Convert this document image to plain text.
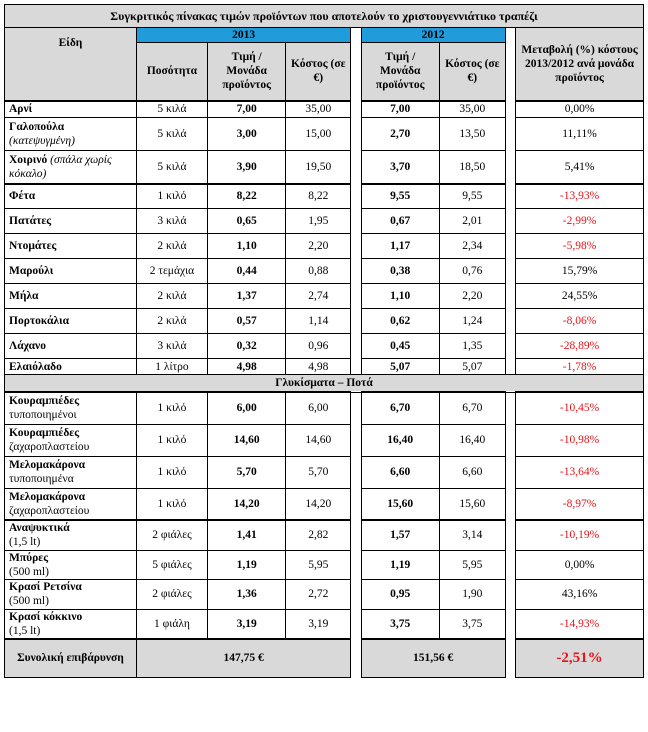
Συγκριτικός πίνακας τιμών προϊόντων που αποτελούν το χριστουγεννιάτικο τραπέζι								
Είδη	2013				2012			Μεταβολή (%) κόστους 2013/2012 ανά μονάδα προϊόντος
	Ποσότητα	Τιμή / Μονάδα προϊόντος	Κόστος (σε €)		Τιμή / Μονάδα προϊόντος	Κόστος (σε €)		
Αρνί	5 κιλά	7,00	35,00		7,00	35,00		0,00%
Γαλοπούλα
(κατεψυγμένη)	5 κιλά	3,00	15,00		2,70	13,50		11,11%
Χοιρινό (σπάλα χωρίς κόκαλο)	5 κιλά	3,90	19,50		3,70	18,50		5,41%
Φέτα	1 κιλό	8,22	8,22		9,55	9,55		-13,93%
Πατάτες	3 κιλά	0,65	1,95		0,67	2,01		-2,99%
Ντομάτες	2 κιλά	1,10	2,20		1,17	2,34		-5,98%
Μαρούλι	2 τεμάχια	0,44	0,88		0,38	0,76		15,79%
Μήλα	2 κιλά	1,37	2,74		1,10	2,20		24,55%
Πορτοκάλια	2 κιλά	0,57	1,14		0,62	1,24		-8,06%
Λάχανο	3 κιλά	0,32	0,96		0,45	1,35		-28,89%
Ελαιόλαδο	1 λίτρο	4,98	4,98		5,07	5,07		-1,78%
Γλυκίσματα – Ποτά								
Κουραμπιέδες
τυποποιημένοι	1 κιλό	6,00	6,00		6,70	6,70		-10,45%
Κουραμπιέδες
ζαχαροπλαστείου	1 κιλό	14,60	14,60		16,40	16,40		-10,98%
Μελομακάρονα
τυποποιημένα	1 κιλό	5,70	5,70		6,60	6,60		-13,64%
Μελομακάρονα
ζαχαροπλαστείου	1 κιλό	14,20	14,20		15,60	15,60		-8,97%
Αναψυκτικά
(1,5 lt)	2 φιάλες	1,41	2,82		1,57	3,14		-10,19%
Μπύρες
(500 ml)	5 φιάλες	1,19	5,95		1,19	5,95		0,00%
Κρασί Ρετσίνα
(500 ml)	2 φιάλες	1,36	2,72		0,95	1,90		43,16%
Κρασί κόκκινο
(1,5 lt)	1 φιάλη	3,19	3,19		3,75	3,75		-14,93%
Συνολική επιβάρυνση	147,75 €				151,56 €			-2,51%
